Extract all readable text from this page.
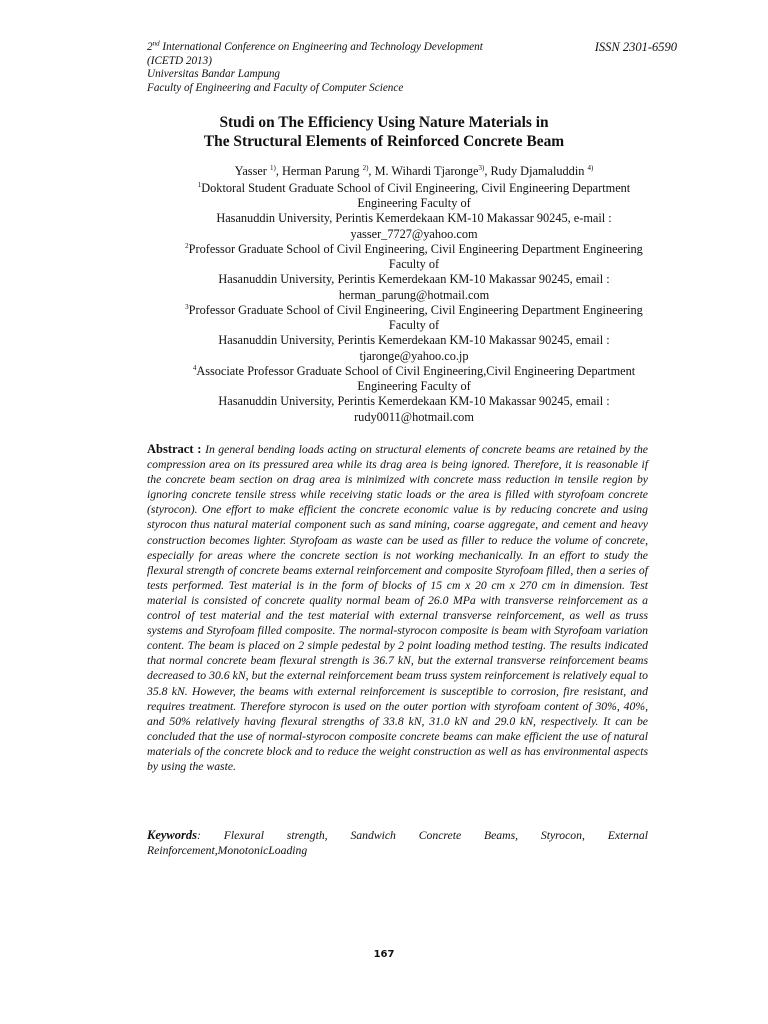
2nd International Conference on Engineering and Technology Development	ISSN 2301-6590
(ICETD 2013)
Universitas Bandar Lampung
Faculty of Engineering and Faculty of Computer Science
Studi on The Efficiency Using Nature Materials in
The Structural Elements of Reinforced Concrete Beam
Yasser $^{1)}$, Herman Parung $^{2)}$, M. Wihardi Tjaronge$^{3)}$, Rudy Djamaluddin $^{4)}$
$^1$Doktoral Student Graduate School of Civil Engineering, Civil Engineering Department
Engineering Faculty of
Hasanuddin University, Perintis Kemerdekaan KM-10 Makassar 90245, e-mail :
yasser_7727@yahoo.com
$^2$Professor Graduate School of Civil Engineering, Civil Engineering Department Engineering
Faculty of
Hasanuddin University, Perintis Kemerdekaan KM-10 Makassar 90245, email :
herman_parung@hotmail.com
$^3$Professor Graduate School of Civil Engineering, Civil Engineering Department Engineering
Faculty of
Hasanuddin University, Perintis Kemerdekaan KM-10 Makassar 90245, email :
tjaronge@yahoo.co.jp
$^4$Associate Professor Graduate School of Civil Engineering,Civil Engineering Department
Engineering Faculty of
Hasanuddin University, Perintis Kemerdekaan KM-10 Makassar 90245, email :
rudy0011@hotmail.com
Abstract : In general bending loads acting on structural elements of concrete beams are retained by the compression area on its pressured area while its drag area is being ignored. Therefore, it is reasonable if the concrete beam section on drag area is minimized with concrete mass reduction in tensile region by ignoring concrete tensile stress while receiving static loads or the area is filled with styrofoam concrete (styrocon). One effort to make efficient the concrete economic value is by reducing concrete and using styrocon thus natural material component such as sand mining, coarse aggregate, and cement and heavy construction becomes lighter. Styrofoam as waste can be used as filler to reduce the volume of concrete, especially for areas where the concrete section is not working mechanically. In an effort to study the flexural strength of concrete beams external reinforcement and composite Styrofoam filled, then a series of tests performed. Test material is in the form of blocks of 15 cm x 20 cm x 270 cm in dimension. Test material is consisted of concrete quality normal beam of 26.0 MPa with transverse reinforcement as a control of test material and the test material with external transverse reinforcement, as well as truss systems and Styrofoam filled composite. The normal-styrocon composite is beam with Styrofoam variation content. The beam is placed on 2 simple pedestal by 2 point loading method testing. The results indicated that normal concrete beam flexural strength is 36.7 kN, but the external transverse reinforcement beams decreased to 30.6 kN, but the external reinforcement beam truss system reinforcement is relatively equal to 35.8 kN. However, the beams with external reinforcement is susceptible to corrosion, fire resistant, and requires treatment. Therefore styrocon is used on the outer portion with styrofoam content of 30%, 40%, and 50% relatively having flexural strengths of 33.8 kN, 31.0 kN and 29.0 kN, respectively. It can be concluded that the use of normal-styrocon composite concrete beams can make efficient the use of natural materials of the concrete block and to reduce the weight construction as well as has environmental aspects by using the waste.
Keywords: Flexural strength, Sandwich Concrete Beams, Styrocon, External Reinforcement,MonotonicLoading
167
